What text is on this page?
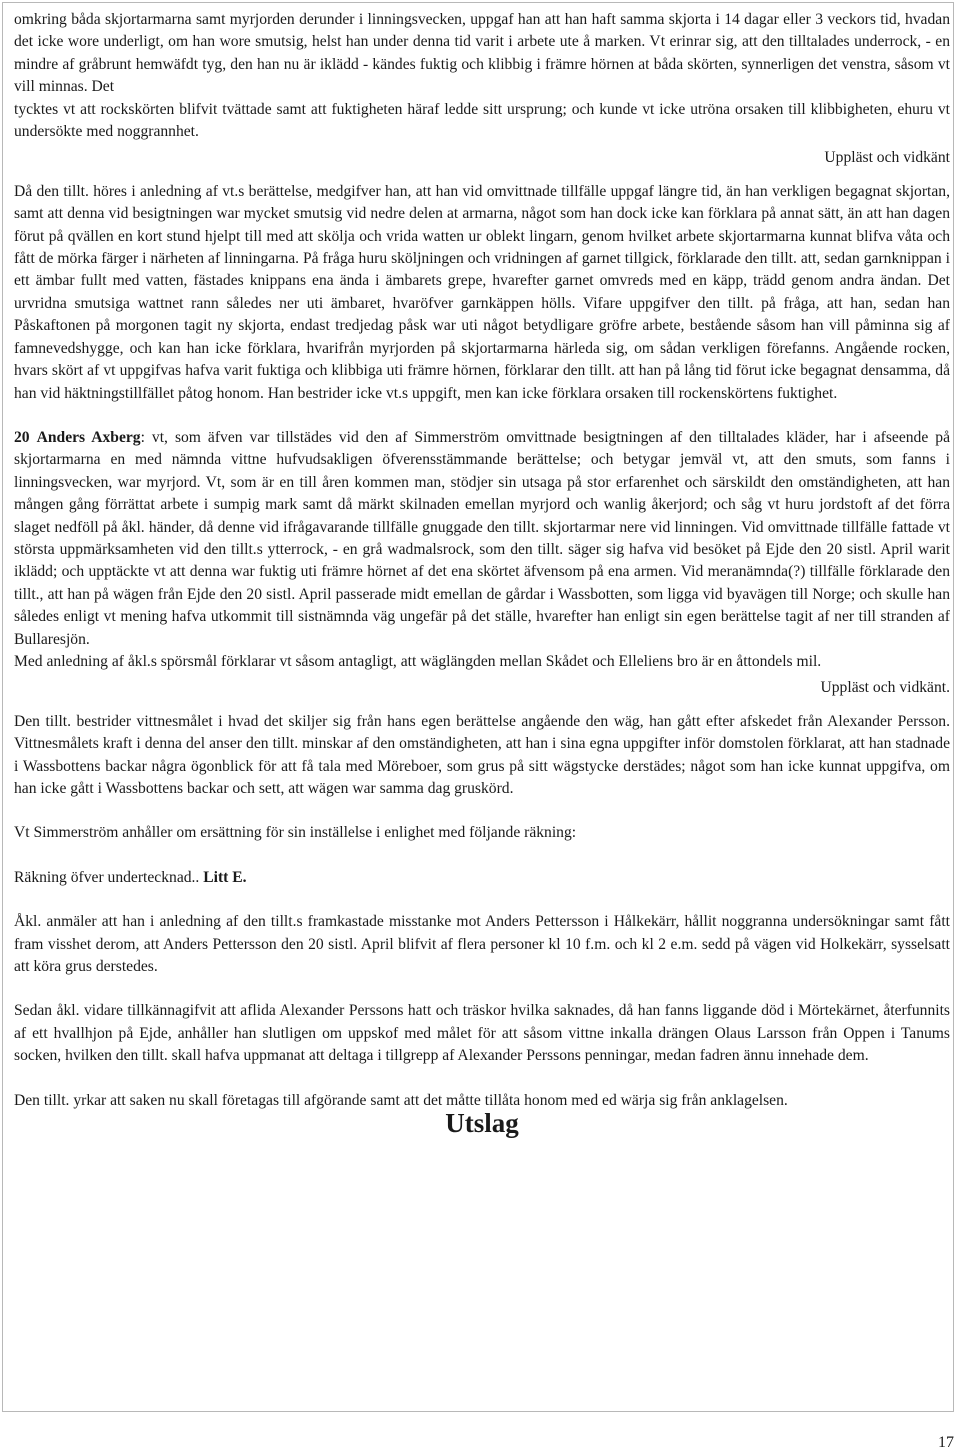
omkring båda skjortarmarna samt myrjorden derunder i linningsvecken, uppgaf han att han haft samma skjorta i 14 dagar eller 3 veckors tid, hvadan det icke wore underligt, om han wore smutsig, helst han under denna tid varit i arbete ute å marken. Vt erinrar sig, att den tilltalades underrock, - en mindre af gråbrunt hemwäfdt tyg, den han nu är iklädd - kändes fuktig och klibbig i främre hörnen at båda skörten, synnerligen det venstra, såsom vt vill minnas. Det

tycktes vt att rockskörten blifvit tvättade samt att fuktigheten häraf ledde sitt ursprung; och kunde vt icke utröna orsaken till klibbigheten, ehuru vt undersökte med noggrannhet.

Uppläst och vidkänt

Då den tillt. höres i anledning af vt.s berättelse, medgifver han, att han vid omvittnade tillfälle uppgaf längre tid, än han verkligen begagnat skjortan, samt att denna vid besigtningen war mycket smutsig vid nedre delen at armarna, något som han dock icke kan förklara på annat sätt, än att han dagen förut på qvällen en kort stund hjelpt till med att skölja och vrida watten ur oblekt lingarn, genom hvilket arbete skjortarmarna kunnat blifva våta och fått de mörka färger i närheten af linningarna. På fråga huru sköljningen och vridningen af garnet tillgick, förklarade den tillt. att, sedan garnknippan i ett ämbar fullt med vatten, fästades knippans ena ända i ämbarets grepe, hvarefter garnet omvreds med en käpp, trädd genom andra ändan. Det urvridna smutsiga wattnet rann således ner uti ämbaret, hvaröfver garnkäppen hölls. Vifare uppgifver den tillt. på fråga, att han, sedan han Påskaftonen på morgonen tagit ny skjorta, endast tredjedag påsk war uti något betydligare gröfre arbete, bestående såsom han vill påminna sig af famnevedshygge, och kan han icke förklara, hvarifrån myrjorden på skjortarmarna härleda sig, om sådan verkligen förefanns. Angående rocken, hvars skört af vt uppgifvas hafva varit fuktiga och klibbiga uti främre hörnen, förklarar den tillt. att han på lång tid förut icke begagnat densamma, då han vid häktningstillfället påtog honom. Han bestrider icke vt.s uppgift, men kan icke förklara orsaken till rockenskörtens fuktighet.

20 Anders Axberg: vt, som äfven var tillstädes vid den af Simmerström omvittnade besigtningen af den tilltalades kläder, har i afseende på skjortarmarna en med nämnda vittne hufvudsakligen öfverensstämmande berättelse; och betygar jemväl vt, att den smuts, som fanns i linningsvecken, war myrjord. Vt, som är en till åren kommen man, stödjer sin utsaga på stor erfarenhet och särskildt den omständigheten, att han mången gång förrättat arbete i sumpig mark samt då märkt skilnaden emellan myrjord och wanlig åkerjord; och såg vt huru jordstoft af det förra slaget nedföll på åkl. händer, då denne vid ifrågavarande tillfälle gnuggade den tillt. skjortarmar nere vid linningen. Vid omvittnade tillfälle fattade vt största uppmärksamheten vid den tillt.s ytterrock, - en grå wadmalsrock, som den tillt. säger sig hafva vid besöket på Ejde den 20 sistl. April warit iklädd; och upptäckte vt att denna war fuktig uti främre hörnet af det ena skörtet äfvensom på ena armen. Vid meranämnda(?) tillfälle förklarade den tillt., att han på wägen från Ejde den 20 sistl. April passerade midt emellan de gårdar i Wassbotten, som ligga vid byavägen till Norge; och skulle han således enligt vt mening hafva utkommit till sistnämnda väg ungefär på det ställe, hvarefter han enligt sin egen berättelse tagit af ner till stranden af Bullaresjön.

Med anledning af åkl.s spörsmål förklarar vt såsom antagligt, att wäglängden mellan Skådet och Elleliens bro är en åttondels mil.

Uppläst och vidkänt.

Den tillt. bestrider vittnesmålet i hvad det skiljer sig från hans egen berättelse angående den wäg, han gått efter afskedet från Alexander Persson. Vittnesmålets kraft i denna del anser den tillt. minskar af den omständigheten, att han i sina egna uppgifter inför domstolen förklarat, att han stadnade i Wassbottens backar några ögonblick för att få tala med Möreboer, som grus på sitt wägstycke derstädes; något som han icke kunnat uppgifva, om han icke gått i Wassbottens backar och sett, att wägen war samma dag gruskörd.

Vt Simmerström anhåller om ersättning för sin inställelse i enlighet med följande räkning:

Räkning öfver undertecknad.. Litt E.

Åkl. anmäler att han i anledning af den tillt.s framkastade misstanke mot Anders Pettersson i Hålkekärr, hållit noggranna undersökningar samt fått fram visshet derom, att Anders Pettersson den 20 sistl. April blifvit af flera personer kl 10 f.m. och kl 2 e.m. sedd på vägen vid Holkekärr, sysselsatt att köra grus derstedes.

Sedan åkl. vidare tillkännagifvit att aflida Alexander Perssons hatt och träskor hvilka saknades, då han fanns liggande död i Mörtekärnet, återfunnits af ett hvallhjon på Ejde, anhåller han slutligen om uppskof med målet för att såsom vittne inkalla drängen Olaus Larsson från Oppen i Tanums socken, hvilken den tillt. skall hafva uppmanat att deltaga i tillgrepp af Alexander Perssons penningar, medan fadren ännu innehade dem.

Den tillt. yrkar att saken nu skall företagas till afgörande samt att det måtte tillåta honom med ed wärja sig från anklagelsen.

Utslag

17
